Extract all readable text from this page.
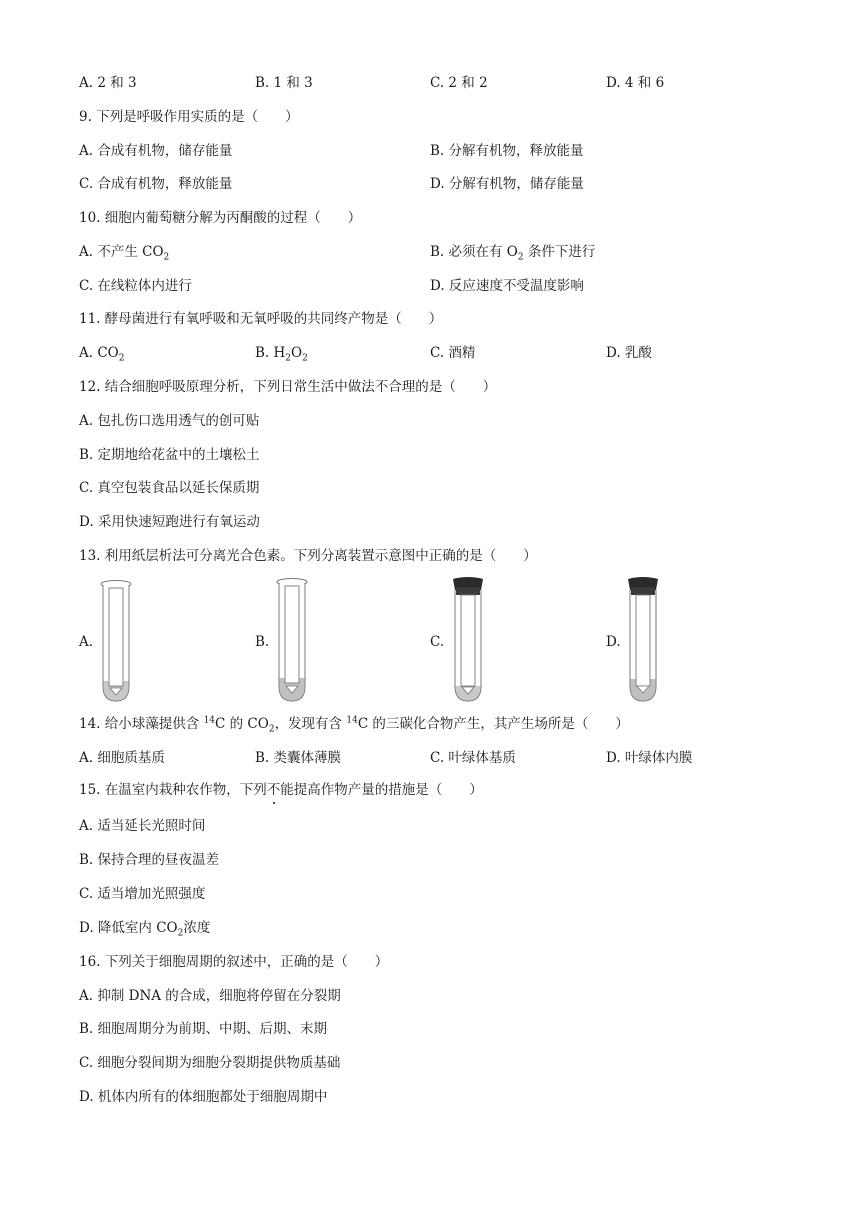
A. 2 和 3	B. 1 和 3	C. 2 和 2	D. 4 和 6
9. 下列是呼吸作用实质的是（　　）
A. 合成有机物，储存能量	B. 分解有机物，释放能量
C. 合成有机物，释放能量	D. 分解有机物，储存能量
10. 细胞内葡萄糖分解为丙酮酸的过程（　　）
A. 不产生 $CO_2$	B. 必须在有 $O_2$ 条件下进行
C. 在线粒体内进行	D. 反应速度不受温度影响
11. 酵母菌进行有氧呼吸和无氧呼吸的共同终产物是（　　）
A. $CO_2$	B. $H_2O_2$	C. 酒精	D. 乳酸
12. 结合细胞呼吸原理分析，下列日常生活中做法不合理的是（　　）
A. 包扎伤口选用透气的创可贴
B. 定期地给花盆中的土壤松土
C. 真空包装食品以延长保质期
D. 采用快速短跑进行有氧运动
13. 利用纸层析法可分离光合色素。下列分离装置示意图中正确的是（　　）
A.	B.	C.	D.
14. 给小球藻提供含 $^{14}$C 的 $CO_2$，发现有含 $^{14}$C 的三碳化合物产生，其产生场所是（　　）
A. 细胞质基质	B. 类囊体薄膜	C. 叶绿体基质	D. 叶绿体内膜
15. 在温室内栽种农作物，下列不能提高作物产量的措施是（　　）
A. 适当延长光照时间
B. 保持合理的昼夜温差
C. 适当增加光照强度
D. 降低室内 $CO_2$浓度
16. 下列关于细胞周期的叙述中，正确的是（　　）
A. 抑制 DNA 的合成，细胞将停留在分裂期
B. 细胞周期分为前期、中期、后期、末期
C. 细胞分裂间期为细胞分裂期提供物质基础
D. 机体内所有的体细胞都处于细胞周期中
